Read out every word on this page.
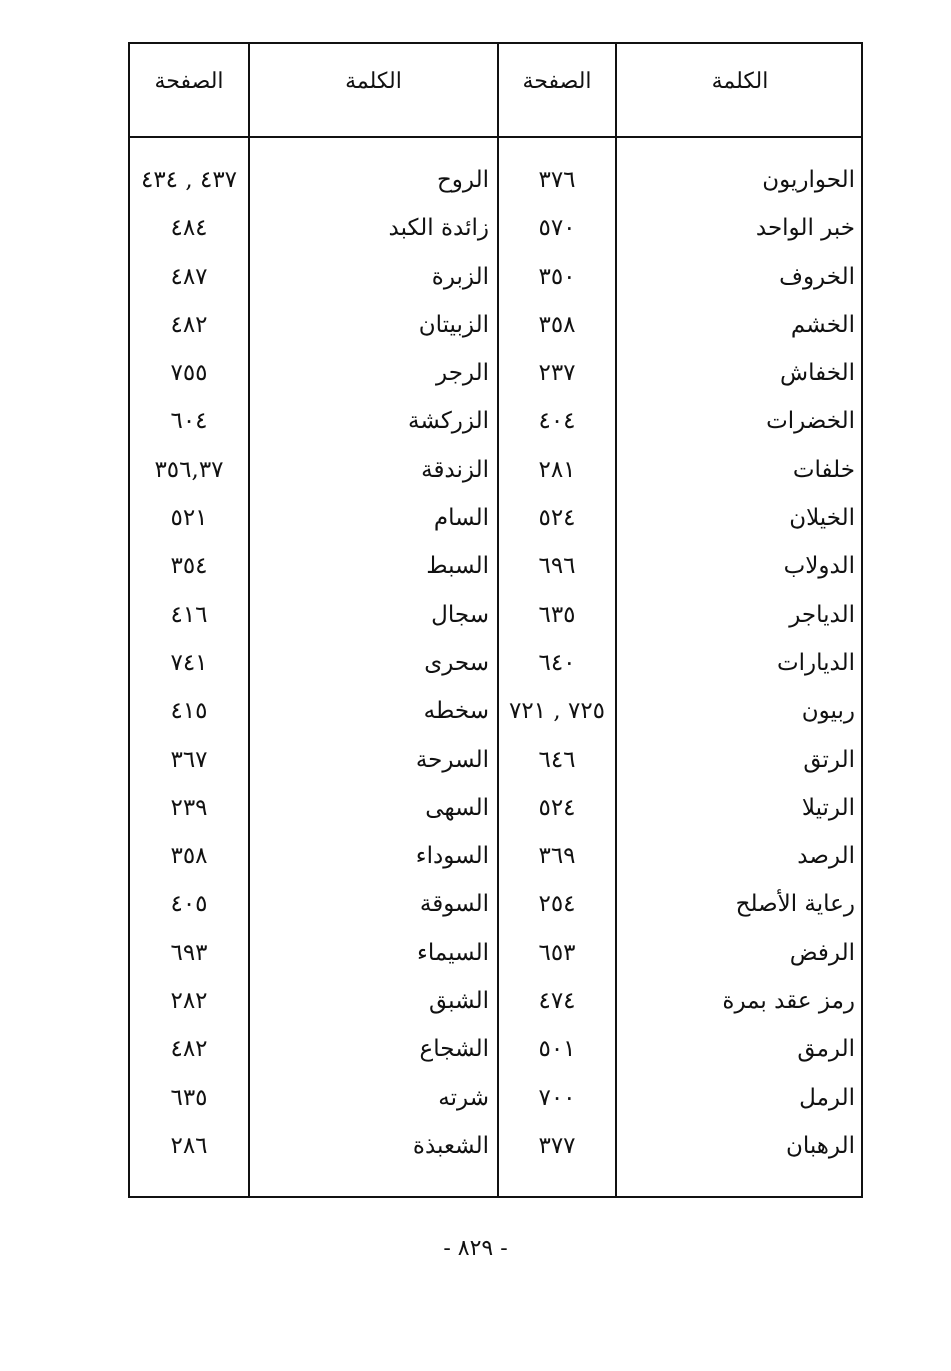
الكلمة
الصفحة
الكلمة
الصفحة
الحواريون
٣٧٦
الروح
٤٣٧ , ٤٣٤
خبر الواحد
٥٧٠
زائدة الكبد
٤٨٤
الخروف
٣٥٠
الزبرة
٤٨٧
الخشم
٣٥٨
الزبيتان
٤٨٢
الخفاش
٢٣٧
الرجر
٧٥٥
الخضرات
٤٠٤
الزركشة
٦٠٤
خلفات
٢٨١
الزندقة
٣٥٦,٣٧
الخيلان
٥٢٤
السام
٥٢١
الدولاب
٦٩٦
السبط
٣٥٤
الدياجر
٦٣٥
سجال
٤١٦
الديارات
٦٤٠
سحرى
٧٤١
ربيون
٧٢٥ , ٧٢١
سخطه
٤١٥
الرتق
٦٤٦
السرحة
٣٦٧
الرتيلا
٥٢٤
السهى
٢٣٩
الرصد
٣٦٩
السوداء
٣٥٨
رعاية الأصلح
٢٥٤
السوقة
٤٠٥
الرفض
٦٥٣
السيماء
٦٩٣
رمز عقد بمرة
٤٧٤
الشبق
٢٨٢
الرمق
٥٠١
الشجاع
٤٨٢
الرمل
٧٠٠
شرته
٦٣٥
الرهبان
٣٧٧
الشعبذة
٢٨٦
- ٨٢٩ -
